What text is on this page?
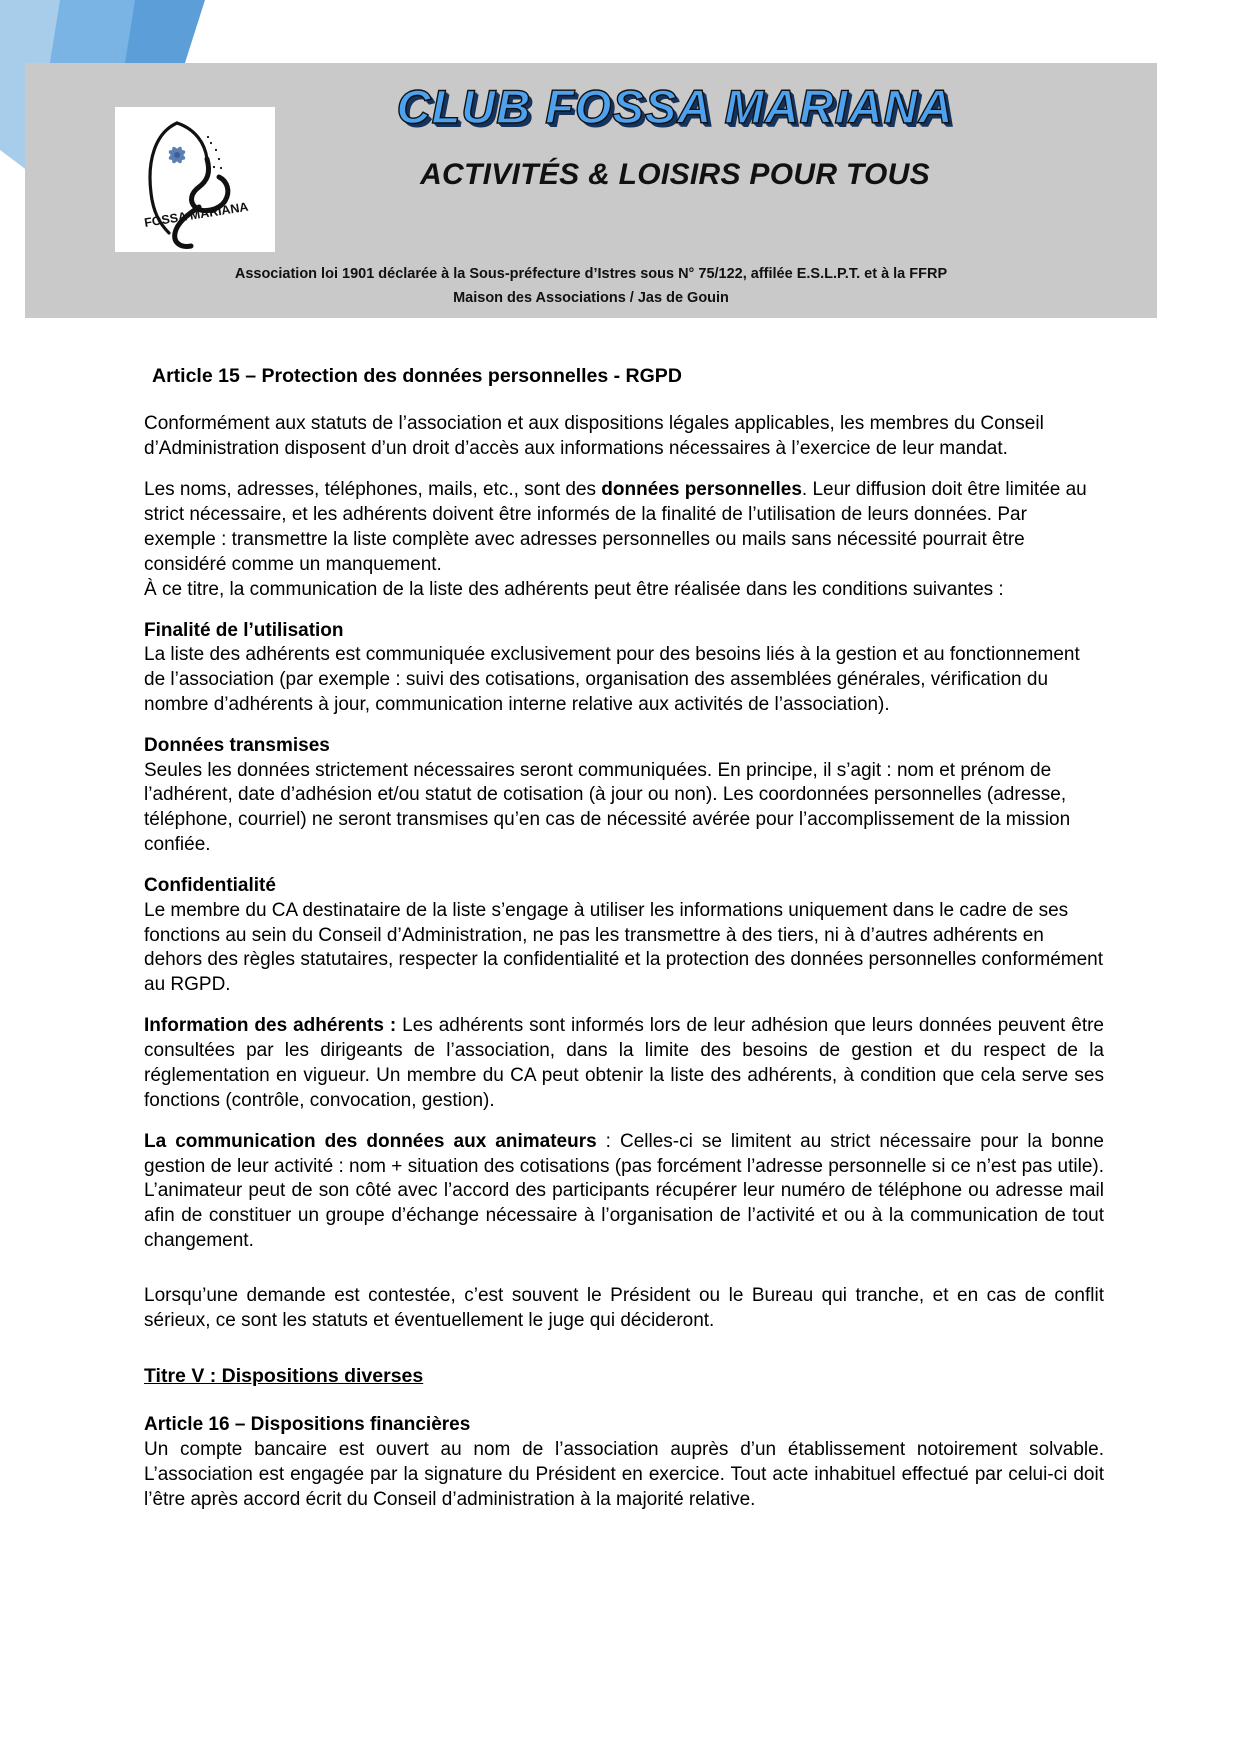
CLUB FOSSA MARIANA
ACTIVITÉS & LOISIRS POUR TOUS
Association loi 1901 déclarée à la Sous-préfecture d’Istres sous N° 75/122, affilée E.S.L.P.T. et à la FFRP
Maison des Associations / Jas de Gouin
FOSSA MARIANA
Article 15 – Protection des données personnelles - RGPD

Conformément aux statuts de l’association et aux dispositions légales applicables, les membres du Conseil d’Administration disposent d’un droit d’accès aux informations nécessaires à l’exercice de leur mandat.

Les noms, adresses, téléphones, mails, etc., sont des données personnelles. Leur diffusion doit être limitée au strict nécessaire, et les adhérents doivent être informés de la finalité de l’utilisation de leurs données. Par exemple : transmettre la liste complète avec adresses personnelles ou mails sans nécessité pourrait être considéré comme un manquement.

À ce titre, la communication de la liste des adhérents peut être réalisée dans les conditions suivantes :

Finalité de l’utilisation

La liste des adhérents est communiquée exclusivement pour des besoins liés à la gestion et au fonctionnement de l’association (par exemple : suivi des cotisations, organisation des assemblées générales, vérification du nombre d’adhérents à jour, communication interne relative aux activités de l’association).

Données transmises

Seules les données strictement nécessaires seront communiquées. En principe, il s’agit : nom et prénom de l’adhérent, date d’adhésion et/ou statut de cotisation (à jour ou non). Les coordonnées personnelles (adresse, téléphone, courriel) ne seront transmises qu’en cas de nécessité avérée pour l’accomplissement de la mission confiée.

Confidentialité

Le membre du CA destinataire de la liste s’engage à utiliser les informations uniquement dans le cadre de ses fonctions au sein du Conseil d’Administration, ne pas les transmettre à des tiers, ni à d’autres adhérents en dehors des règles statutaires, respecter la confidentialité et la protection des données personnelles conformément au RGPD.

Information des adhérents : Les adhérents sont informés lors de leur adhésion que leurs données peuvent être consultées par les dirigeants de l’association, dans la limite des besoins de gestion et du respect de la réglementation en vigueur. Un membre du CA peut obtenir la liste des adhérents, à condition que cela serve ses fonctions (contrôle, convocation, gestion).

La communication des données aux animateurs : Celles-ci se limitent au strict nécessaire pour la bonne gestion de leur activité : nom + situation des cotisations (pas forcément l’adresse personnelle si ce n’est pas utile). L’animateur peut de son côté avec l’accord des participants récupérer leur numéro de téléphone ou adresse mail afin de constituer un groupe d’échange nécessaire à l’organisation de l’activité et ou à la communication de tout changement.

Lorsqu’une demande est contestée, c’est souvent le Président ou le Bureau qui tranche, et en cas de conflit sérieux, ce sont les statuts et éventuellement le juge qui décideront.

Titre V : Dispositions diverses
Article 16 – Dispositions financières

Un compte bancaire est ouvert au nom de l’association auprès d’un établissement notoirement solvable. L’association est engagée par la signature du Président en exercice. Tout acte inhabituel effectué par celui-ci doit l’être après accord écrit du Conseil d’administration à la majorité relative.
